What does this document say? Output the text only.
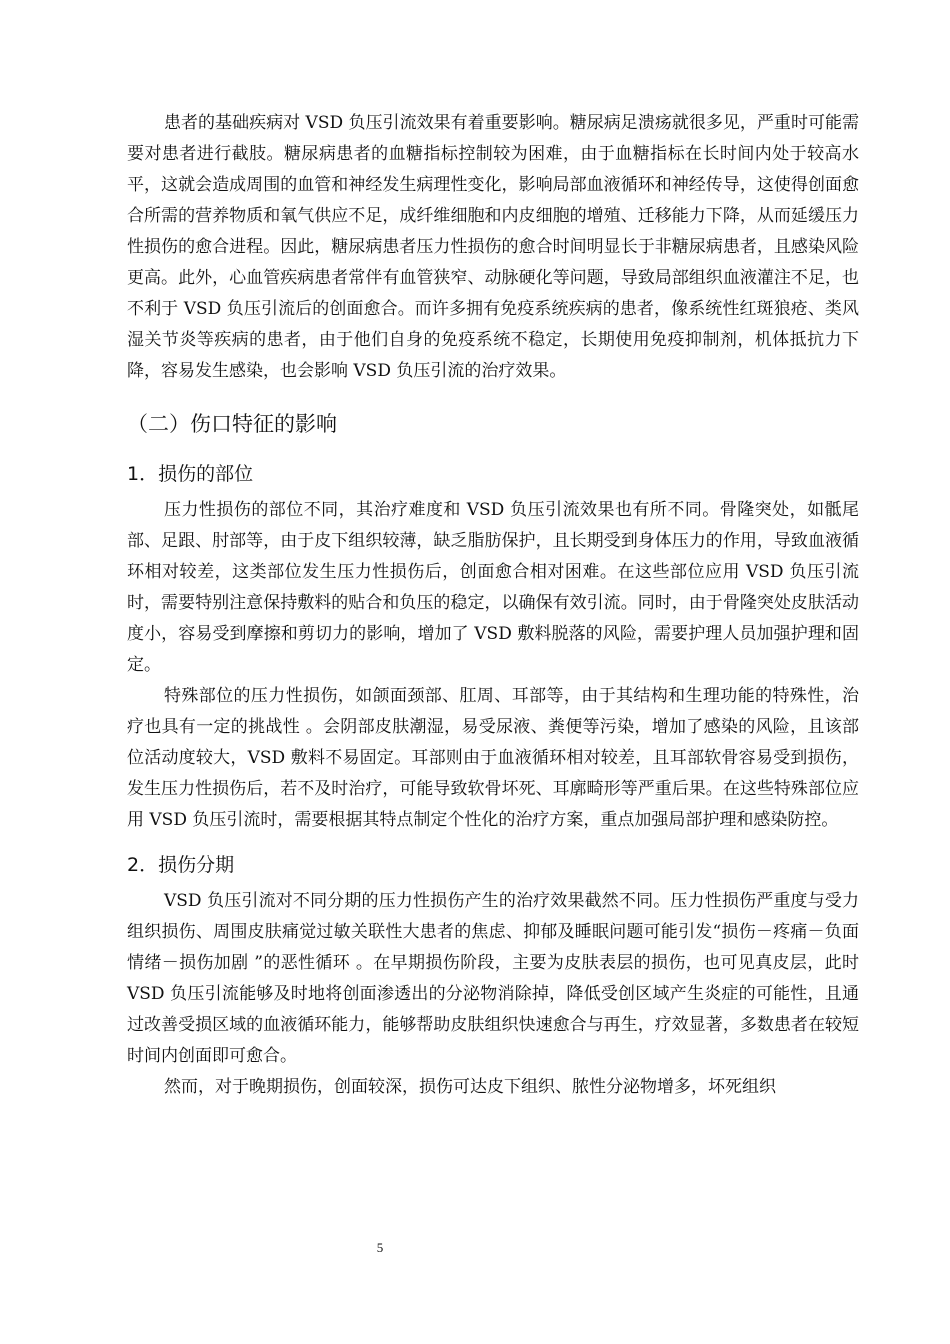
患者的基础疾病对 VSD 负压引流效果有着重要影响。糖尿病足溃疡就很多见，严重时可能需要对患者进行截肢。糖尿病患者的血糖指标控制较为困难，由于血糖指标在长时间内处于较高水平，这就会造成周围的血管和神经发生病理性变化，影响局部血液循环和神经传导，这使得创面愈合所需的营养物质和氧气供应不足，成纤维细胞和内皮细胞的增殖、迁移能力下降，从而延缓压力性损伤的愈合进程。因此，糖尿病患者压力性损伤的愈合时间明显长于非糖尿病患者，且感染风险更高。此外，心血管疾病患者常伴有血管狭窄、动脉硬化等问题，导致局部组织血液灌注不足，也不利于 VSD 负压引流后的创面愈合。而许多拥有免疫系统疾病的患者，像系统性红斑狼疮、类风湿关节炎等疾病的患者，由于他们自身的免疫系统不稳定，长期使用免疫抑制剂，机体抵抗力下降，容易发生感染，也会影响 VSD 负压引流的治疗效果。

（二）伤口特征的影响
1．损伤的部位

压力性损伤的部位不同，其治疗难度和 VSD 负压引流效果也有所不同。骨隆突处，如骶尾部、足跟、肘部等，由于皮下组织较薄，缺乏脂肪保护，且长期受到身体压力的作用，导致血液循环相对较差，这类部位发生压力性损伤后，创面愈合相对困难。在这些部位应用 VSD 负压引流时，需要特别注意保持敷料的贴合和负压的稳定，以确保有效引流。同时，由于骨隆突处皮肤活动度小，容易受到摩擦和剪切力的影响，增加了 VSD 敷料脱落的风险，需要护理人员加强护理和固定。

特殊部位的压力性损伤，如颌面颈部、肛周、耳部等，由于其结构和生理功能的特殊性，治疗也具有一定的挑战性 。会阴部皮肤潮湿，易受尿液、粪便等污染，增加了感染的风险，且该部位活动度较大，VSD 敷料不易固定。耳部则由于血液循环相对较差，且耳部软骨容易受到损伤，发生压力性损伤后，若不及时治疗，可能导致软骨坏死、耳廓畸形等严重后果。在这些特殊部位应用 VSD 负压引流时，需要根据其特点制定个性化的治疗方案，重点加强局部护理和感染防控。

2．损伤分期

VSD 负压引流对不同分期的压力性损伤产生的治疗效果截然不同。压力性损伤严重度与受力组织损伤、周围皮肤痛觉过敏关联性大患者的焦虑、抑郁及睡眠问题可能引发“损伤－疼痛－负面情绪－损伤加剧 ”的恶性循环 。在早期损伤阶段，主要为皮肤表层的损伤，也可见真皮层，此时 VSD 负压引流能够及时地将创面渗透出的分泌物消除掉，降低受创区域产生炎症的可能性，且通过改善受损区域的血液循环能力，能够帮助皮肤组织快速愈合与再生，疗效显著，多数患者在较短时间内创面即可愈合。

然而，对于晚期损伤，创面较深，损伤可达皮下组织、脓性分泌物增多，坏死组织

5
